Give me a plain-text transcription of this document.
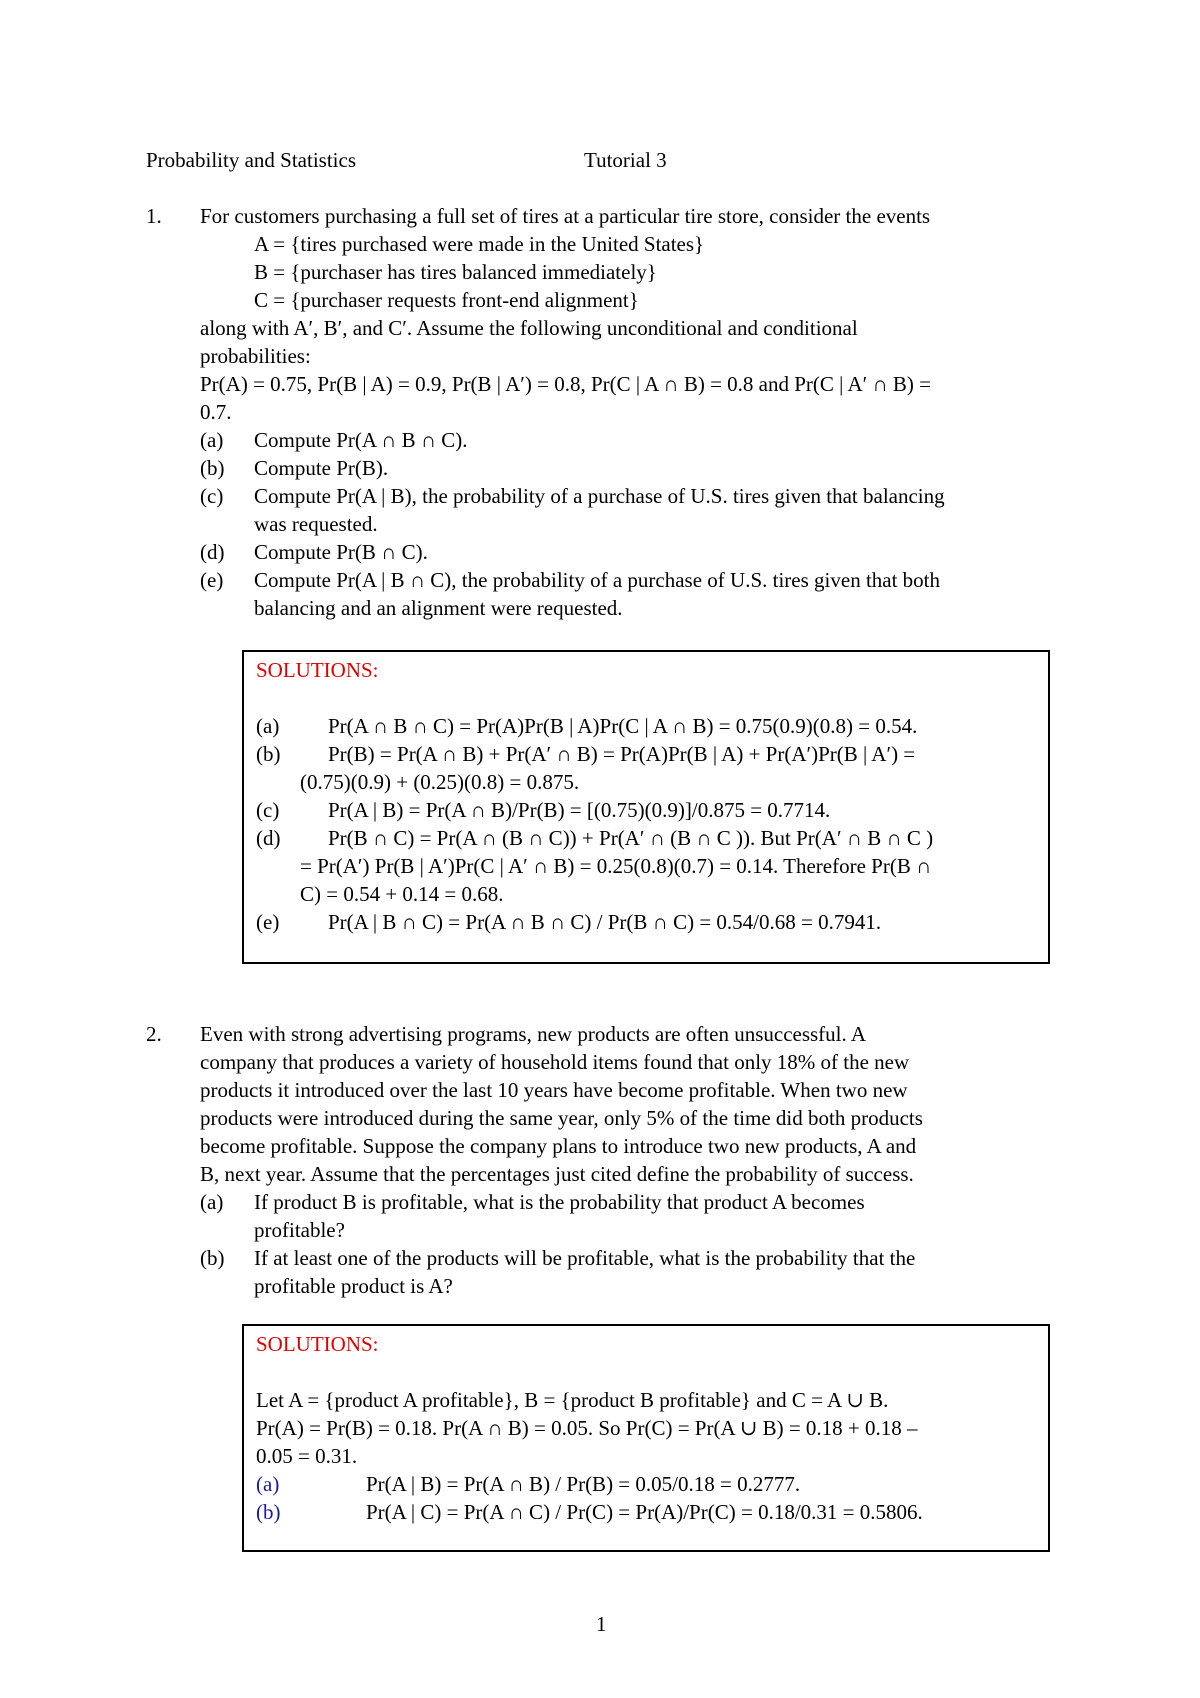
Probability and Statistics	Tutorial 3
1. For customers purchasing a full set of tires at a particular tire store, consider the events
A = {tires purchased were made in the United States}
B = {purchaser has tires balanced immediately}
C = {purchaser requests front-end alignment}
along with A′, B′, and C′. Assume the following unconditional and conditional
probabilities:
Pr(A) = 0.75, Pr(B | A) = 0.9, Pr(B | A′) = 0.8, Pr(C | A ∩ B) = 0.8 and Pr(C | A′ ∩ B) =
0.7.
(a) Compute Pr(A ∩ B ∩ C).
(b) Compute Pr(B).
(c) Compute Pr(A | B), the probability of a purchase of U.S. tires given that balancing
was requested.
(d) Compute Pr(B ∩ C).
(e) Compute Pr(A | B ∩ C), the probability of a purchase of U.S. tires given that both
balancing and an alignment were requested.
SOLUTIONS:
(a) Pr(A ∩ B ∩ C) = Pr(A)Pr(B | A)Pr(C | A ∩ B) = 0.75(0.9)(0.8) = 0.54.
(b) Pr(B) = Pr(A ∩ B) + Pr(A′ ∩ B) = Pr(A)Pr(B | A) + Pr(A′)Pr(B | A′) =
(0.75)(0.9) + (0.25)(0.8) = 0.875.
(c) Pr(A | B) = Pr(A ∩ B)/Pr(B) = [(0.75)(0.9)]/0.875 = 0.7714.
(d) Pr(B ∩ C) = Pr(A ∩ (B ∩ C)) + Pr(A′ ∩ (B ∩ C )). But Pr(A′ ∩ B ∩ C )
= Pr(A′) Pr(B | A′)Pr(C | A′ ∩ B) = 0.25(0.8)(0.7) = 0.14. Therefore Pr(B ∩
C) = 0.54 + 0.14 = 0.68.
(e) Pr(A | B ∩ C) = Pr(A ∩ B ∩ C) / Pr(B ∩ C) = 0.54/0.68 = 0.7941.
2. Even with strong advertising programs, new products are often unsuccessful. A
company that produces a variety of household items found that only 18% of the new
products it introduced over the last 10 years have become profitable. When two new
products were introduced during the same year, only 5% of the time did both products
become profitable. Suppose the company plans to introduce two new products, A and
B, next year. Assume that the percentages just cited define the probability of success.
(a) If product B is profitable, what is the probability that product A becomes
profitable?
(b) If at least one of the products will be profitable, what is the probability that the
profitable product is A?
SOLUTIONS:
Let A = {product A profitable}, B = {product B profitable} and C = A ∪ B.
Pr(A) = Pr(B) = 0.18. Pr(A ∩ B) = 0.05. So Pr(C) = Pr(A ∪ B) = 0.18 + 0.18 –
0.05 = 0.31.
(a)	Pr(A | B) = Pr(A ∩ B) / Pr(B) = 0.05/0.18 = 0.2777.
(b)	Pr(A | C) = Pr(A ∩ C) / Pr(C) = Pr(A)/Pr(C) = 0.18/0.31 = 0.5806.
1
